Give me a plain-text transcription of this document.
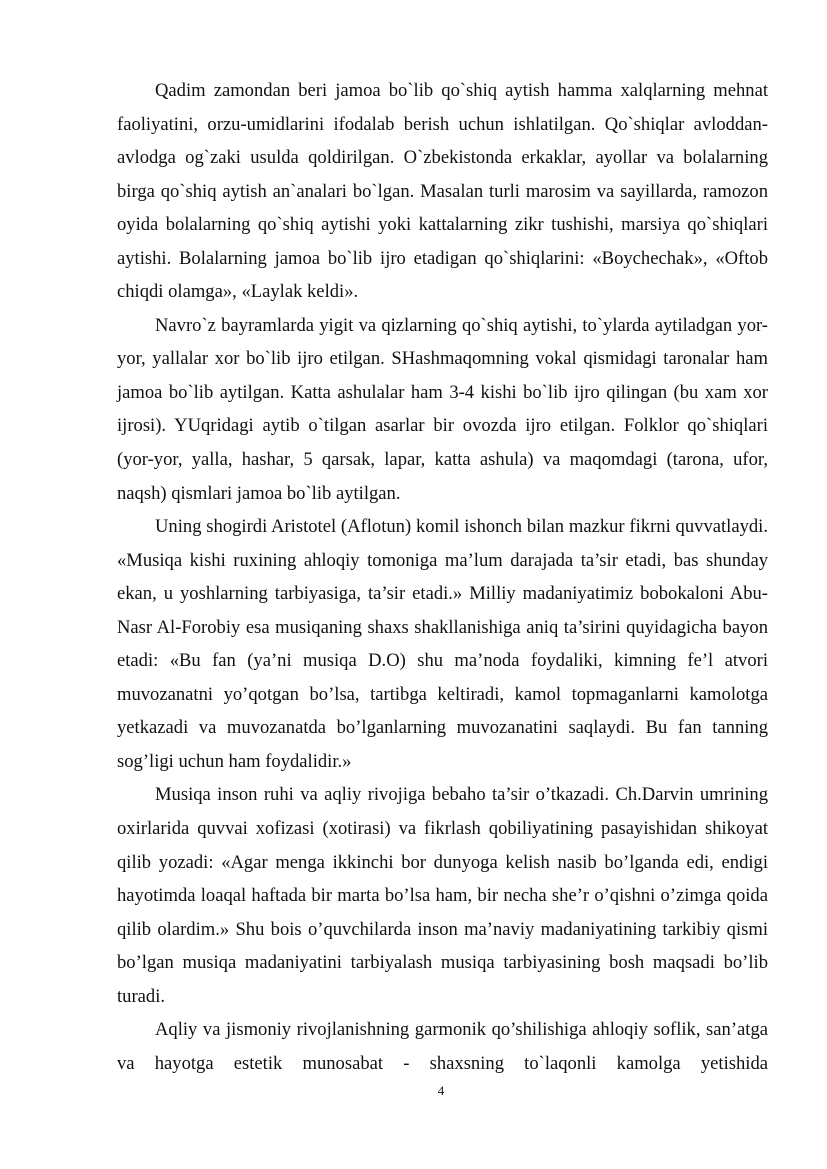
Qadim zamondan beri jamoa bo`lib qo`shiq aytish hamma xalqlarning mehnat faoliyatini, orzu-umidlarini ifodalab berish uchun ishlatilgan. Qo`shiqlar avloddan-avlodga og`zaki usulda qoldirilgan. O`zbekistonda erkaklar, ayollar va bolalarning birga qo`shiq aytish an`analari bo`lgan. Masalan turli marosim va sayillarda, ramozon oyida bolalarning qo`shiq aytishi yoki kattalarning zikr tushishi, marsiya qo`shiqlari aytishi. Bolalarning jamoa bo`lib ijro etadigan qo`shiqlarini: «Boychechak», «Oftob chiqdi olamga», «Laylak keldi».

Navro`z bayramlarda yigit va qizlarning qo`shiq aytishi, to`ylarda aytiladgan yor-yor, yallalar xor bo`lib ijro etilgan. SHashmaqomning vokal qismidagi taronalar ham jamoa bo`lib aytilgan. Katta ashulalar ham 3-4 kishi bo`lib ijro qilingan (bu xam xor ijrosi). YUqridagi aytib o`tilgan asarlar bir ovozda ijro etilgan. Folklor qo`shiqlari (yor-yor, yalla, hashar, 5 qarsak, lapar, katta ashula) va maqomdagi (tarona, ufor, naqsh) qismlari jamoa bo`lib aytilgan.

Uning shogirdi Aristotel (Aflotun) komil ishonch bilan mazkur fikrni quvvatlaydi. «Musiqa kishi ruxining ahloqiy tomoniga ma’lum darajada ta’sir etadi, bas shunday ekan, u yoshlarning tarbiyasiga, ta’sir etadi.» Milliy madaniyatimiz bobokaloni Abu-Nasr Al-Forobiy esa musiqaning shaxs shakllanishiga aniq ta’sirini quyidagicha bayon etadi: «Bu fan (ya’ni musiqa D.O) shu ma’noda foydaliki, kimning fe’l atvori muvozanatni yo’qotgan bo’lsa, tartibga keltiradi, kamol topmaganlarni kamolotga yetkazadi va muvozanatda bo’lganlarning muvozanatini saqlaydi. Bu fan tanning sog’ligi uchun ham foydalidir.»

Musiqa inson ruhi va aqliy rivojiga bebaho ta’sir o’tkazadi. Ch.Darvin umrining oxirlarida quvvai xofizasi (xotirasi) va fikrlash qobiliyatining pasayishidan shikoyat qilib yozadi: «Agar menga ikkinchi bor dunyoga kelish nasib bo’lganda edi, endigi hayotimda loaqal haftada bir marta bo’lsa ham, bir necha she’r o’qishni o’zimga qoida qilib olardim.» Shu bois o’quvchilarda inson ma’naviy madaniyatining tarkibiy qismi bo’lgan musiqa madaniyatini tarbiyalash musiqa tarbiyasining bosh maqsadi bo’lib turadi.

Aqliy va jismoniy rivojlanishning garmonik qo’shilishiga ahloqiy soflik, san’atga va hayotga estetik munosabat - shaxsning to`laqonli kamolga yetishida

4
